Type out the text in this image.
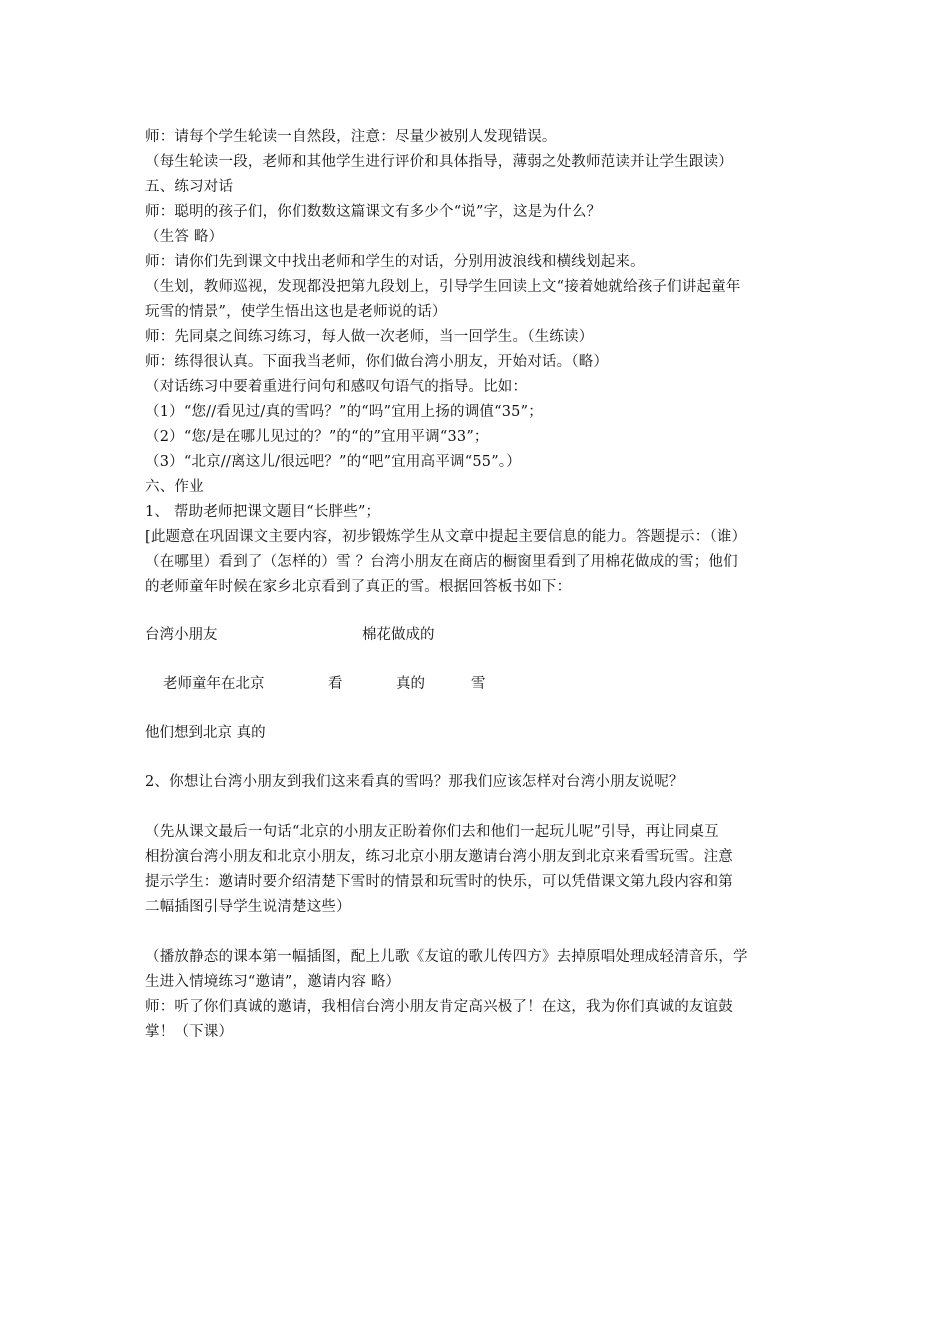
师：请每个学生轮读一自然段，注意：尽量少被别人发现错误。
（每生轮读一段，老师和其他学生进行评价和具体指导，薄弱之处教师范读并让学生跟读）
五、练习对话
师：聪明的孩子们，你们数数这篇课文有多少个“说”字，这是为什么？
（生答 略）
师：请你们先到课文中找出老师和学生的对话，分别用波浪线和横线划起来。
（生划，教师巡视，发现都没把第九段划上，引导学生回读上文“接着她就给孩子们讲起童年
玩雪的情景”，使学生悟出这也是老师说的话）
师：先同桌之间练习练习，每人做一次老师，当一回学生。（生练读）
师：练得很认真。下面我当老师，你们做台湾小朋友，开始对话。（略）
（对话练习中要着重进行问句和感叹句语气的指导。比如：
（1）“您//看见过/真的雪吗？”的“吗”宜用上扬的调值“35”；
（2）“您/是在哪儿见过的？”的“的”宜用平调“33”；
（3）“北京//离这儿/很远吧？”的“吧”宜用高平调“55”。）
六、作业
1、 帮助老师把课文题目“长胖些”；
[此题意在巩固课文主要内容，初步锻炼学生从文章中提起主要信息的能力。答题提示：（谁）
（在哪里）看到了（怎样的）雪 ？台湾小朋友在商店的橱窗里看到了用棉花做成的雪；他们
的老师童年时候在家乡北京看到了真正的雪。根据回答板书如下：
台湾小朋友	棉花做成的
老师童年在北京	看	真的	雪
他们想到北京 真的
2、你想让台湾小朋友到我们这来看真的雪吗？那我们应该怎样对台湾小朋友说呢？
（先从课文最后一句话“北京的小朋友正盼着你们去和他们一起玩儿呢”引导，再让同桌互
相扮演台湾小朋友和北京小朋友，练习北京小朋友邀请台湾小朋友到北京来看雪玩雪。注意
提示学生：邀请时要介绍清楚下雪时的情景和玩雪时的快乐，可以凭借课文第九段内容和第
二幅插图引导学生说清楚这些）
（播放静态的课本第一幅插图，配上儿歌《友谊的歌儿传四方》去掉原唱处理成轻清音乐，学
生进入情境练习“邀请”，邀请内容 略）
师：听了你们真诚的邀请，我相信台湾小朋友肯定高兴极了！在这，我为你们真诚的友谊鼓
掌！（下课）
